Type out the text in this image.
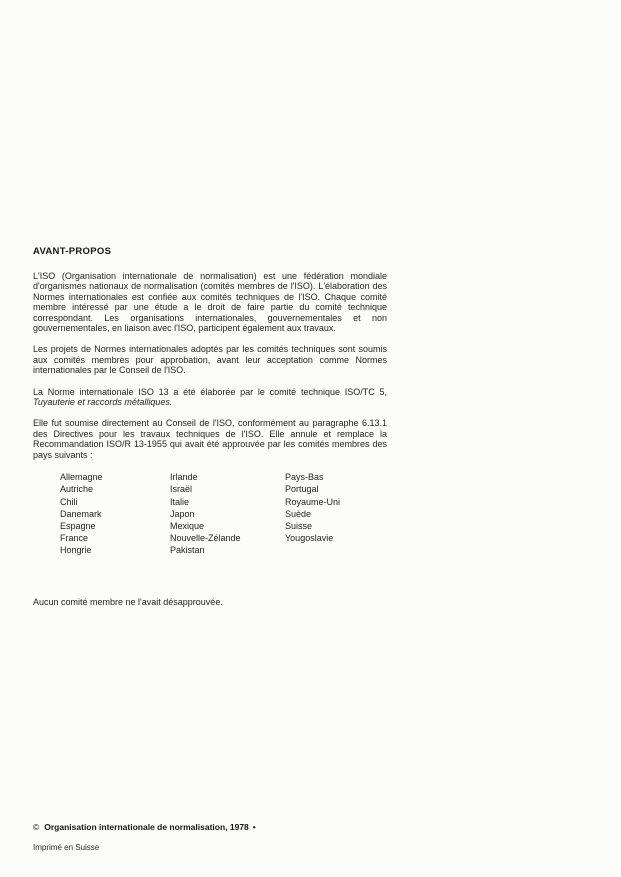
AVANT-PROPOS

L'ISO (Organisation internationale de normalisation) est une fédération mondiale d'organismes nationaux de normalisation (comités membres de l'ISO). L'élaboration des Normes internationales est confiée aux comités techniques de l'ISO. Chaque comité membre intéressé par une étude a le droit de faire partie du comité technique correspondant. Les organisations internationales, gouvernementales et non gouvernementales, en liaison avec l'ISO, participent également aux travaux.

Les projets de Normes internationales adoptés par les comités techniques sont soumis aux comités membres pour approbation, avant leur acceptation comme Normes internationales par le Conseil de l'ISO.

La Norme internationale ISO 13 a été élaborée par le comité technique ISO/TC 5, Tuyauterie et raccords métalliques.

Elle fut soumise directement au Conseil de l'ISO, conformément au paragraphe 6.13.1 des Directives pour les travaux techniques de l'ISO. Elle annule et remplace la Recommandation ISO/R 13-1955 qui avait été approuvée par les comités membres des pays suivants :

Allemagne
Autriche
Chili
Danemark
Espagne
France
Hongrie
Irlande
Israël
Italie
Japon
Mexique
Nouvelle-Zélande
Pakistan
Pays-Bas
Portugal
Royaume-Uni
Suède
Suisse
Yougoslavie

Aucun comité membre ne l'avait désapprouvée.

© Organisation internationale de normalisation, 1978 •
Imprimé en Suisse
